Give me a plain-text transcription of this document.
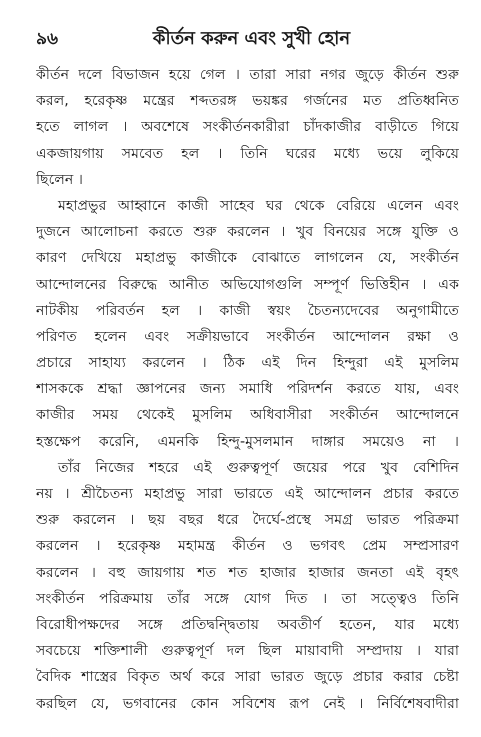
৯৬	কীর্তন করুন এবং সুখী হোন
কীর্তন দলে বিভাজন হয়ে গেল । তারা সারা নগর জুড়ে কীর্তন শুরু
করল, হরেকৃষ্ণ মন্ত্রের শব্দতরঙ্গ ভয়ঙ্কর গর্জনের মত প্রতিধ্বনিত
হতে লাগল । অবশেষে সংকীর্তনকারীরা চাঁদকাজীর বাড়ীতে গিয়ে
একজায়গায় সমবেত হল । তিনি ঘরের মধ্যে ভয়ে লুকিয়ে
ছিলেন ।
মহাপ্রভুর আহ্বানে কাজী সাহেব ঘর থেকে বেরিয়ে এলেন এবং
দুজনে আলোচনা করতে শুরু করলেন । খুব বিনয়ের সঙ্গে যুক্তি ও
কারণ দেখিয়ে মহাপ্রভু কাজীকে বোঝাতে লাগলেন যে, সংকীর্তন
আন্দোলনের বিরুদ্ধে আনীত অভিযোগগুলি সম্পূর্ণ ভিত্তিহীন । এক
নাটকীয় পরিবর্তন হল । কাজী স্বয়ং চৈতন্যদেবের অনুগামীতে
পরিণত হলেন এবং সক্রীয়ভাবে সংকীর্তন আন্দোলন রক্ষা ও
প্রচারে সাহায্য করলেন । ঠিক এই দিন হিন্দুরা এই মুসলিম
শাসককে শ্রদ্ধা জ্ঞাপনের জন্য সমাধি পরিদর্শন করতে যায়, এবং
কাজীর সময় থেকেই মুসলিম অধিবাসীরা সংকীর্তন আন্দোলনে
হস্তক্ষেপ করেনি, এমনকি হিন্দু-মুসলমান দাঙ্গার সময়েও না ।
তাঁর নিজের শহরে এই গুরুত্বপূর্ণ জয়ের পরে খুব বেশিদিন
নয় । শ্রীচৈতন্য মহাপ্রভু সারা ভারতে এই আন্দোলন প্রচার করতে
শুরু করলেন । ছয় বছর ধরে দৈর্ঘে-প্রস্থে সমগ্র ভারত পরিক্রমা
করলেন । হরেকৃষ্ণ মহামন্ত্র কীর্তন ও ভগবৎ প্রেম সম্প্রসারণ
করলেন । বহু জায়গায় শত শত হাজার হাজার জনতা এই বৃহৎ
সংকীর্তন পরিক্রমায় তাঁর সঙ্গে যোগ দিত । তা সত্ত্বেও তিনি
বিরোধীপক্ষদের সঙ্গে প্রতিদ্বন্দ্বিতায় অবতীর্ণ হতেন, যার মধ্যে
সবচেয়ে শক্তিশালী গুরুত্বপূর্ণ দল ছিল মায়াবাদী সম্প্রদায় । যারা
বৈদিক শাস্ত্রের বিকৃত অর্থ করে সারা ভারত জুড়ে প্রচার করার চেষ্টা
করছিল যে, ভগবানের কোন সবিশেষ রূপ নেই । নির্বিশেষবাদীরা
